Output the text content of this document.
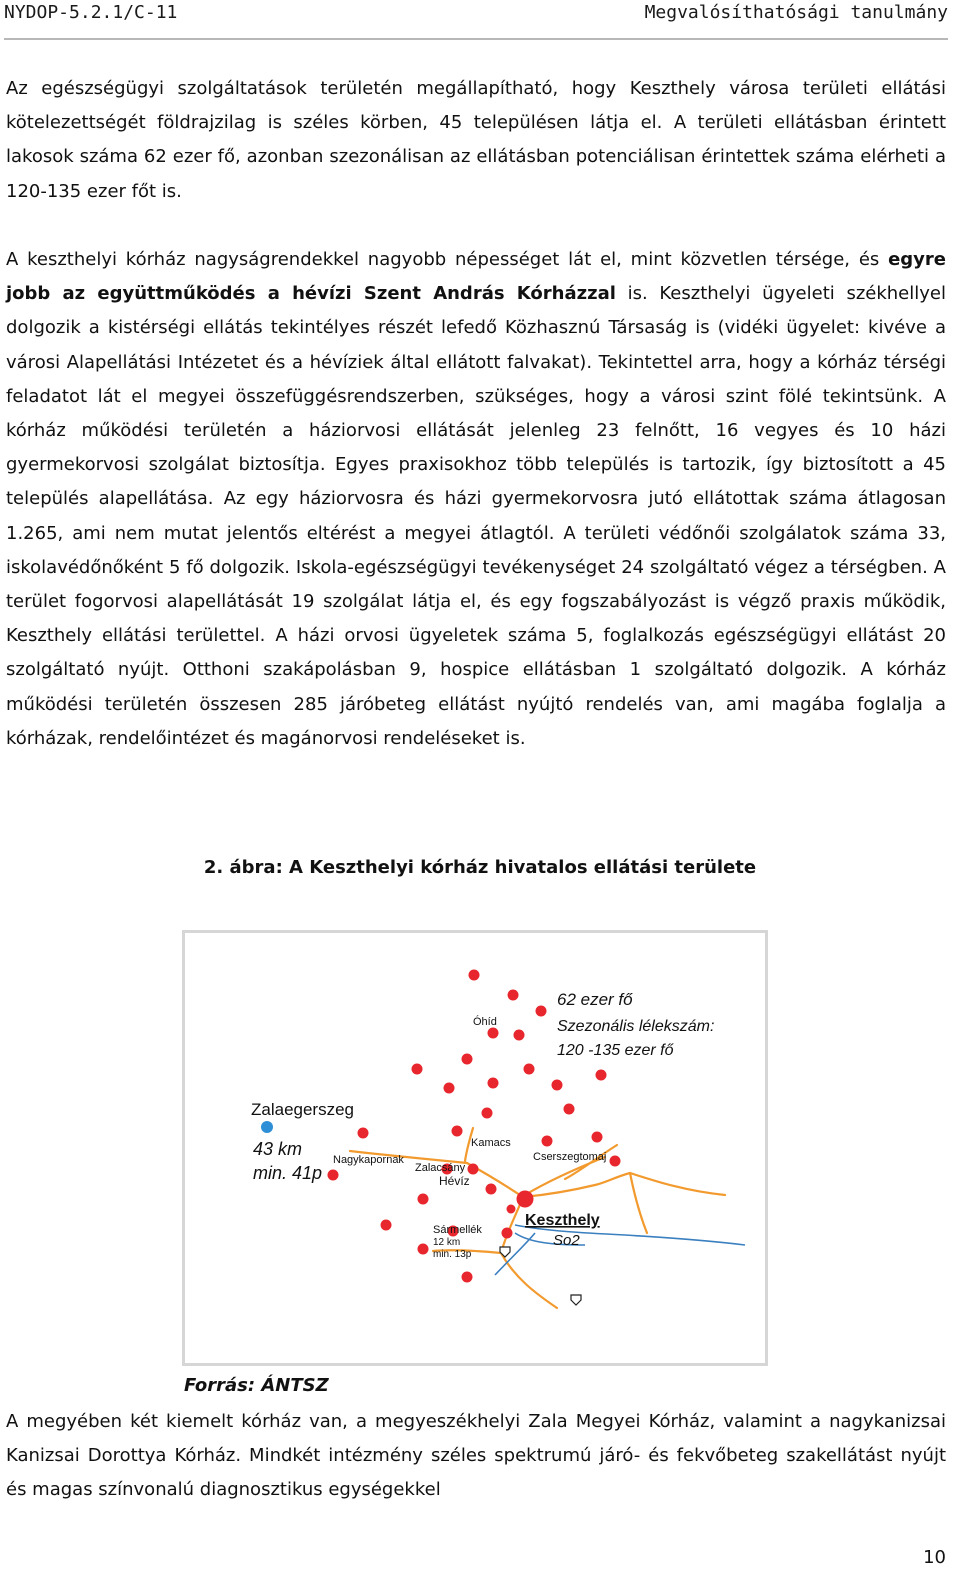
NYDOP-5.2.1/C-11	Megvalósíthatósági tanulmány

Az egészségügyi szolgáltatások területén megállapítható, hogy Keszthely városa területi ellátási kötelezettségét földrajzilag is széles körben, 45 településen látja el. A területi ellátásban érintett lakosok száma 62 ezer fő, azonban szezonálisan az ellátásban potenciálisan érintettek száma elérheti a 120-135 ezer főt is.

A keszthelyi kórház nagyságrendekkel nagyobb népességet lát el, mint közvetlen térsége, és egyre jobb az együttműködés a hévízi Szent András Kórházzal is. Keszthelyi ügyeleti székhellyel dolgozik a kistérségi ellátás tekintélyes részét lefedő Közhasznú Társaság is (vidéki ügyelet: kivéve a városi Alapellátási Intézetet és a hévíziek által ellátott falvakat). Tekintettel arra, hogy a kórház térségi feladatot lát el megyei összefüggésrendszerben, szükséges, hogy a városi szint fölé tekintsünk. A kórház működési területén a háziorvosi ellátását jelenleg 23 felnőtt, 16 vegyes és 10 házi gyermekorvosi szolgálat biztosítja. Egyes praxisokhoz több település is tartozik, így biztosított a 45 település alapellátása. Az egy háziorvosra és házi gyermekorvosra jutó ellátottak száma átlagosan 1.265, ami nem mutat jelentős eltérést a megyei átlagtól. A területi védőnői szolgálatok száma 33, iskolavédőnőként 5 fő dolgozik. Iskola-egészségügyi tevékenységet 24 szolgáltató végez a térségben. A terület fogorvosi alapellátását 19 szolgálat látja el, és egy fogszabályozást is végző praxis működik, Keszthely ellátási területtel. A házi orvosi ügyeletek száma 5, foglalkozás egészségügyi ellátást 20 szolgáltató nyújt. Otthoni szakápolásban 9, hospice ellátásban 1 szolgáltató dolgozik. A kórház működési területén összesen 285 járóbeteg ellátást nyújtó rendelés van, ami magába foglalja a kórházak, rendelőintézet és magánorvosi rendeléseket is.

2. ábra: A Keszthelyi kórház hivatalos ellátási területe
62 ezer fő
Szezonális lélekszám:
120 -135 ezer fő
Zalaegerszeg
43 km
min. 41p
Óhíd
Nagykapornak
Zalacsány
Hévíz
Kamacs
Cserszegtomaj
Keszthely
So2
Sármellék
12 km
min. 13p
Forrás: ÁNTSZ

A megyében két kiemelt kórház van, a megyeszékhelyi Zala Megyei Kórház, valamint a nagykanizsai Kanizsai Dorottya Kórház. Mindkét intézmény széles spektrumú járó- és fekvőbeteg szakellátást nyújt és magas színvonalú diagnosztikus egységekkel

10
